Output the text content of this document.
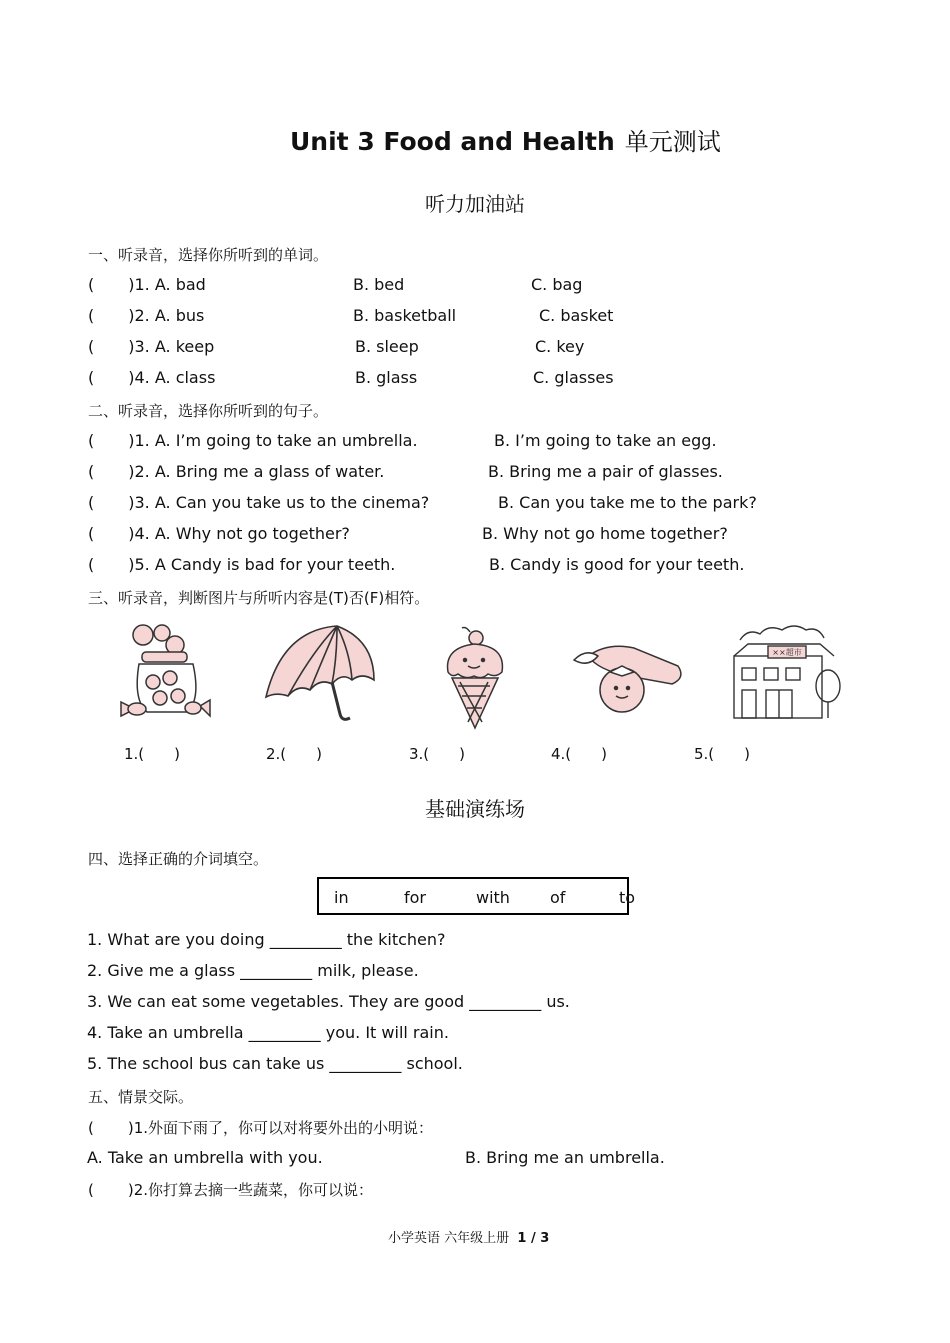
Unit 3 Food and Health 单元测试
听力加油站
一、听录音，选择你所听到的单词。
( )1. A. bad	B. bed	C. bag
( )2. A. bus	B. basketball	C. basket
( )3. A. keep	B. sleep	C. key
( )4. A. class	B. glass	C. glasses
二、听录音，选择你所听到的句子。
( )1. A. I’m going to take an umbrella.	B. I’m going to take an egg.
( )2. A. Bring me a glass of water.	B. Bring me a pair of glasses.
( )3. A. Can you take us to the cinema?	B. Can you take me to the park?
( )4. A. Why not go together?	B. Why not go home together?
( )5. A Candy is bad for your teeth.	B. Candy is good for your teeth.
三、听录音，判断图片与所听内容是(T)否(F)相符。
××超市
1.(　　)	2.(　　)	3.(　　)	4.(　　)	5.(　　)
基础演练场
四、选择正确的介词填空。
in	for	with	of	to
1. What are you doing _________ the kitchen?
2. Give me a glass _________ milk, please.
3. We can eat some vegetables. They are good _________ us.
4. Take an umbrella _________ you. It will rain.
5. The school bus can take us _________ school.
五、情景交际。
( )1.外面下雨了，你可以对将要外出的小明说：
A. Take an umbrella with you.	B. Bring me an umbrella.
( )2.你打算去摘一些蔬菜，你可以说：
小学英语 六年级上册 1 / 3
